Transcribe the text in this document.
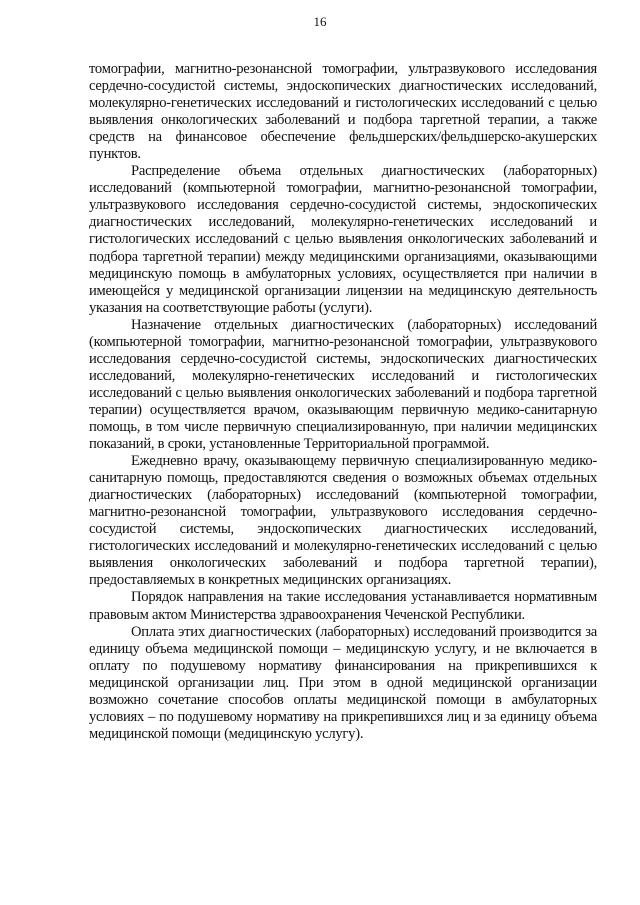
16

томографии, магнитно-резонансной томографии, ультразвукового исследования сердечно-сосудистой системы, эндоскопических диагностических исследований, молекулярно-генетических исследований и гистологических исследований с целью выявления онкологических заболеваний и подбора таргетной терапии, а также средств на финансовое обеспечение фельдшерских/фельдшерско-акушерских пунктов.

Распределение объема отдельных диагностических (лабораторных) исследований (компьютерной томографии, магнитно-резонансной томографии, ультразвукового исследования сердечно-сосудистой системы, эндоскопических диагностических исследований, молекулярно-генетических исследований и гистологических исследований с целью выявления онкологических заболеваний и подбора таргетной терапии) между медицинскими организациями, оказывающими медицинскую помощь в амбулаторных условиях, осуществляется при наличии в имеющейся у медицинской организации лицензии на медицинскую деятельность указания на соответствующие работы (услуги).

Назначение отдельных диагностических (лабораторных) исследований (компьютерной томографии, магнитно-резонансной томографии, ультразвукового исследования сердечно-сосудистой системы, эндоскопических диагностических исследований, молекулярно-генетических исследований и гистологических исследований с целью выявления онкологических заболеваний и подбора таргетной терапии) осуществляется врачом, оказывающим первичную медико-санитарную помощь, в том числе первичную специализированную, при наличии медицинских показаний, в сроки, установленные Территориальной программой.

Ежедневно врачу, оказывающему первичную специализированную медико-санитарную помощь, предоставляются сведения о возможных объемах отдельных диагностических (лабораторных) исследований (компьютерной томографии, магнитно-резонансной томографии, ультразвукового исследования сердечно-сосудистой системы, эндоскопических диагностических исследований, гистологических исследований и молекулярно-генетических исследований с целью выявления онкологических заболеваний и подбора таргетной терапии), предоставляемых в конкретных медицинских организациях.

Порядок направления на такие исследования устанавливается нормативным правовым актом Министерства здравоохранения Чеченской Республики.

Оплата этих диагностических (лабораторных) исследований производится за единицу объема медицинской помощи – медицинскую услугу, и не включается в оплату по подушевому нормативу финансирования на прикрепившихся к медицинской организации лиц. При этом в одной медицинской организации возможно сочетание способов оплаты медицинской помощи в амбулаторных условиях – по подушевому нормативу на прикрепившихся лиц и за единицу объема медицинской помощи (медицинскую услугу).
